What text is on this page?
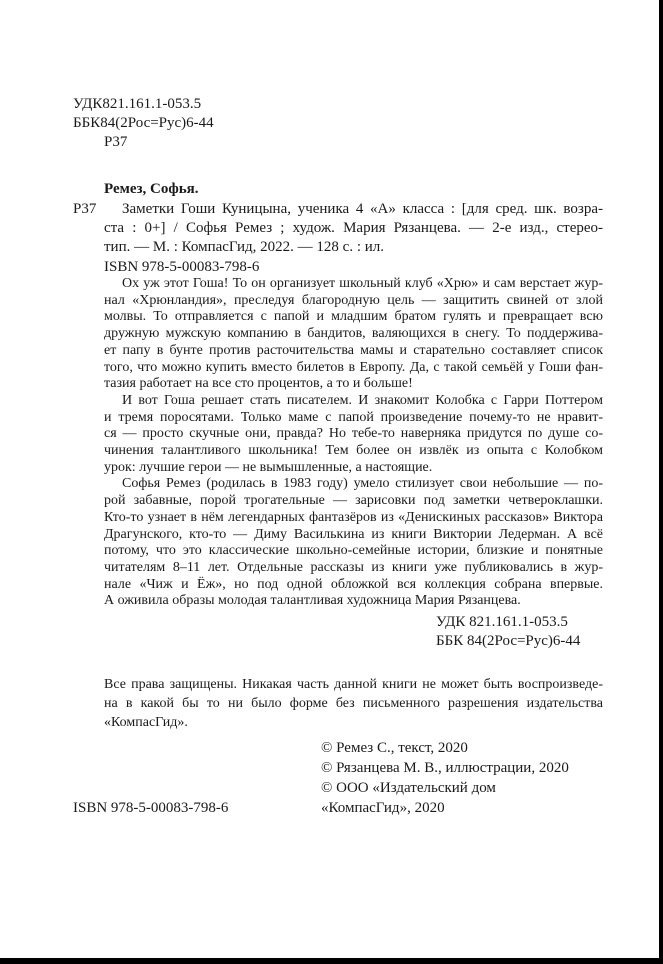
УДК821.161.1-053.5
ББК84(2Рос=Рус)6-44
Р37
Ремез, Софья.
Р37	Заметки Гоши Куницына, ученика 4 «А» класса : [для сред. шк. возра-
ста : 0+] / Софья Ремез ; худож. Мария Рязанцева. — 2-е изд., стерео-
тип. — М. : КомпасГид, 2022. — 128 с. : ил.
ISBN 978-5-00083-798-6
Ох уж этот Гоша! То он организует школьный клуб «Хрю» и сам верстает жур-
нал «Хрюнландия», преследуя благородную цель — защитить свиней от злой
молвы. То отправляется с папой и младшим братом гулять и превращает всю
дружную мужскую компанию в бандитов, валяющихся в снегу. То поддержива-
ет папу в бунте против расточительства мамы и старательно составляет список
того, что можно купить вместо билетов в Европу. Да, с такой семьёй у Гоши фан-
тазия работает на все сто процентов, а то и больше!
И вот Гоша решает стать писателем. И знакомит Колобка с Гарри Поттером
и тремя поросятами. Только маме с папой произведение почему-то не нравит-
ся — просто скучные они, правда? Но тебе-то наверняка придутся по душе со-
чинения талантливого школьника! Тем более он извлёк из опыта с Колобком
урок: лучшие герои — не вымышленные, а настоящие.
Софья Ремез (родилась в 1983 году) умело стилизует свои небольшие — по-
рой забавные, порой трогательные — зарисовки под заметки четвероклашки.
Кто-то узнает в нём легендарных фантазёров из «Денискиных рассказов» Виктора
Драгунского, кто-то — Диму Василькина из книги Виктории Ледерман. А всё
потому, что это классические школьно-семейные истории, близкие и понятные
читателям 8–11 лет. Отдельные рассказы из книги уже публиковались в жур-
нале «Чиж и Ёж», но под одной обложкой вся коллекция собрана впервые.
А оживила образы молодая талантливая художница Мария Рязанцева.
УДК 821.161.1-053.5
ББК 84(2Рос=Рус)6-44
Все права защищены. Никакая часть данной книги не может быть воспроизведе-
на в какой бы то ни было форме без письменного разрешения издательства
«КомпасГид».
© Ремез С., текст, 2020
© Рязанцева М. В., иллюстрации, 2020
© ООО «Издательский дом
«КомпасГид», 2020
ISBN 978-5-00083-798-6
